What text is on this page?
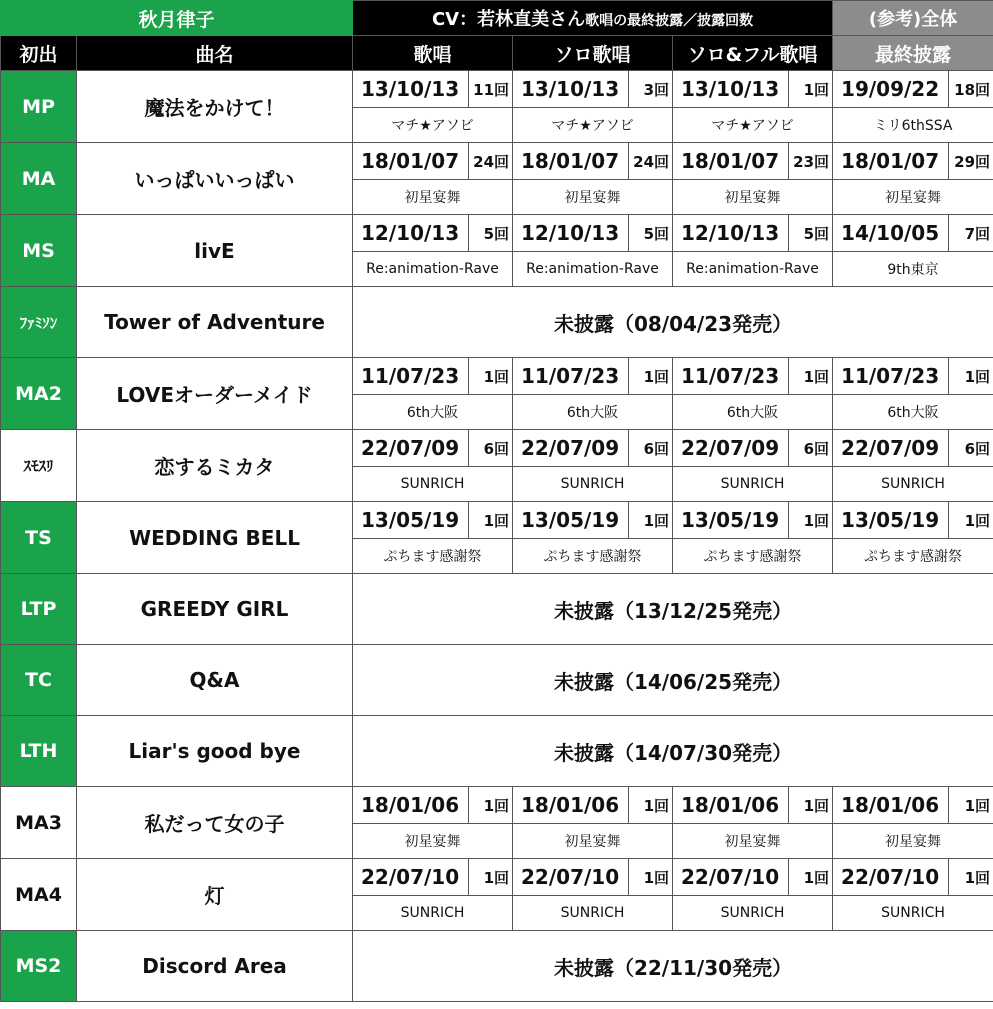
秋月律子		CV：若林直美さん歌唱の最終披露／披露回数						(参考)全体	
初出	曲名	歌唱		ソロ歌唱		ソロ&フル歌唱		最終披露	
MP	魔法をかけて！	13/10/13	11回	13/10/13	3回	13/10/13	1回	19/09/22	18回
		マチ★アソビ		マチ★アソビ		マチ★アソビ		ミリ6thSSA	
MA	いっぱいいっぱい	18/01/07	24回	18/01/07	24回	18/01/07	23回	18/01/07	29回
		初星宴舞		初星宴舞		初星宴舞		初星宴舞	
MS	livE	12/10/13	5回	12/10/13	5回	12/10/13	5回	14/10/05	7回
		Re:animation-Rave		Re:animation-Rave		Re:animation-Rave		9th東京	
ﾌｧﾐｿﾝ	Tower of Adventure	未披露（08/04/23発売）							
MA2	LOVEオーダーメイド	11/07/23	1回	11/07/23	1回	11/07/23	1回	11/07/23	1回
		6th大阪		6th大阪		6th大阪		6th大阪	
ｽﾓｽﾘ	恋するミカタ	22/07/09	6回	22/07/09	6回	22/07/09	6回	22/07/09	6回
		SUNRICH		SUNRICH		SUNRICH		SUNRICH	
TS	WEDDING BELL	13/05/19	1回	13/05/19	1回	13/05/19	1回	13/05/19	1回
		ぷちます感謝祭		ぷちます感謝祭		ぷちます感謝祭		ぷちます感謝祭	
LTP	GREEDY GIRL	未披露（13/12/25発売）							
TC	Q&A	未披露（14/06/25発売）							
LTH	Liar's good bye	未披露（14/07/30発売）							
MA3	私だって女の子	18/01/06	1回	18/01/06	1回	18/01/06	1回	18/01/06	1回
		初星宴舞		初星宴舞		初星宴舞		初星宴舞	
MA4	灯	22/07/10	1回	22/07/10	1回	22/07/10	1回	22/07/10	1回
		SUNRICH		SUNRICH		SUNRICH		SUNRICH	
MS2	Discord Area	未披露（22/11/30発売）							
